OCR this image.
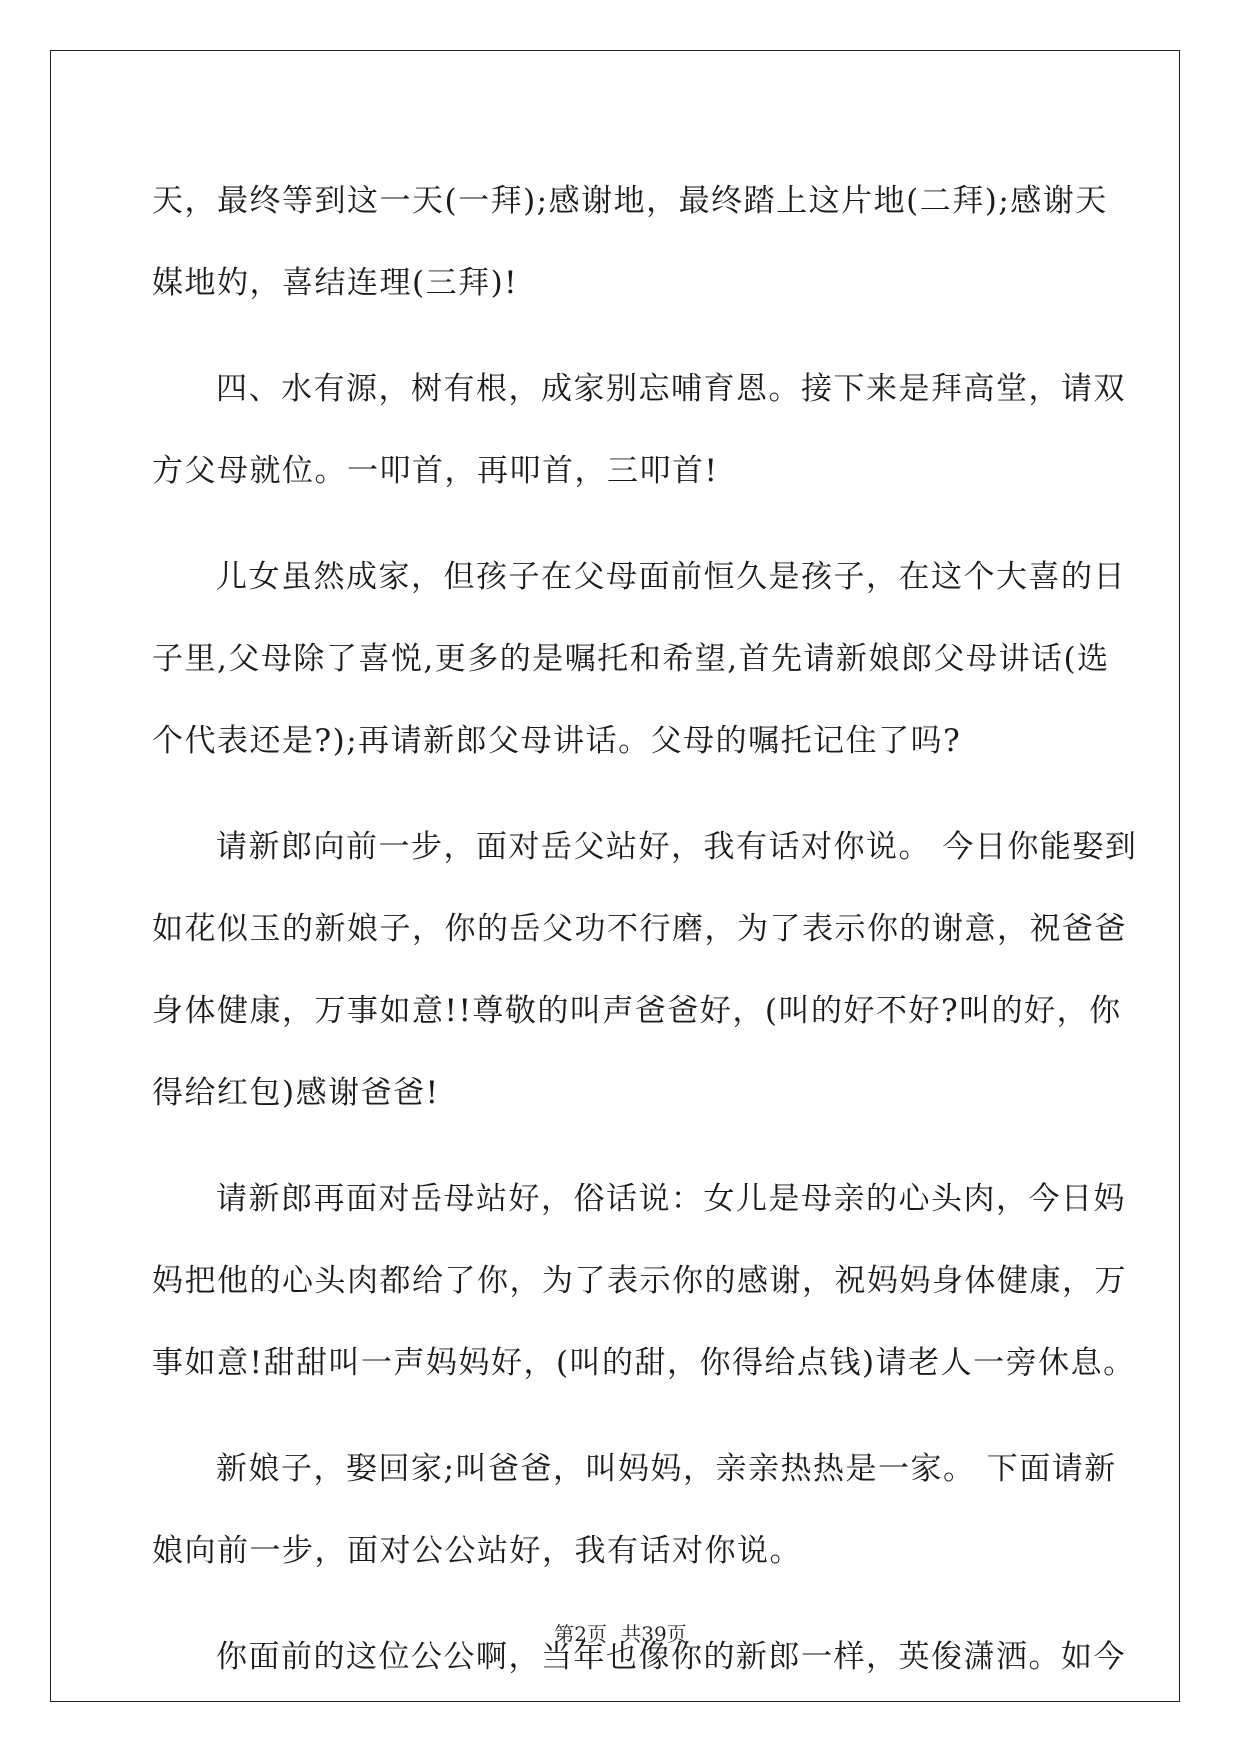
天，最终等到这一天(一拜);感谢地，最终踏上这片地(二拜);感谢天
媒地妁，喜结连理(三拜)!
四、水有源，树有根，成家别忘哺育恩。接下来是拜高堂，请双
方父母就位。一叩首，再叩首，三叩首!
儿女虽然成家，但孩子在父母面前恒久是孩子，在这个大喜的日
子里,父母除了喜悦,更多的是嘱托和希望,首先请新娘郎父母讲话(选
个代表还是?);再请新郎父母讲话。父母的嘱托记住了吗?
请新郎向前一步，面对岳父站好，我有话对你说。 今日你能娶到
如花似玉的新娘子，你的岳父功不行磨，为了表示你的谢意，祝爸爸
身体健康，万事如意!!尊敬的叫声爸爸好，(叫的好不好?叫的好，你
得给红包)感谢爸爸!
请新郎再面对岳母站好，俗话说：女儿是母亲的心头肉，今日妈
妈把他的心头肉都给了你，为了表示你的感谢，祝妈妈身体健康，万
事如意!甜甜叫一声妈妈好，(叫的甜，你得给点钱)请老人一旁休息。
新娘子，娶回家;叫爸爸，叫妈妈，亲亲热热是一家。 下面请新
娘向前一步，面对公公站好，我有话对你说。
你面前的这位公公啊，当年也像你的新郎一样，英俊潇洒。如今
第2页 共39页
